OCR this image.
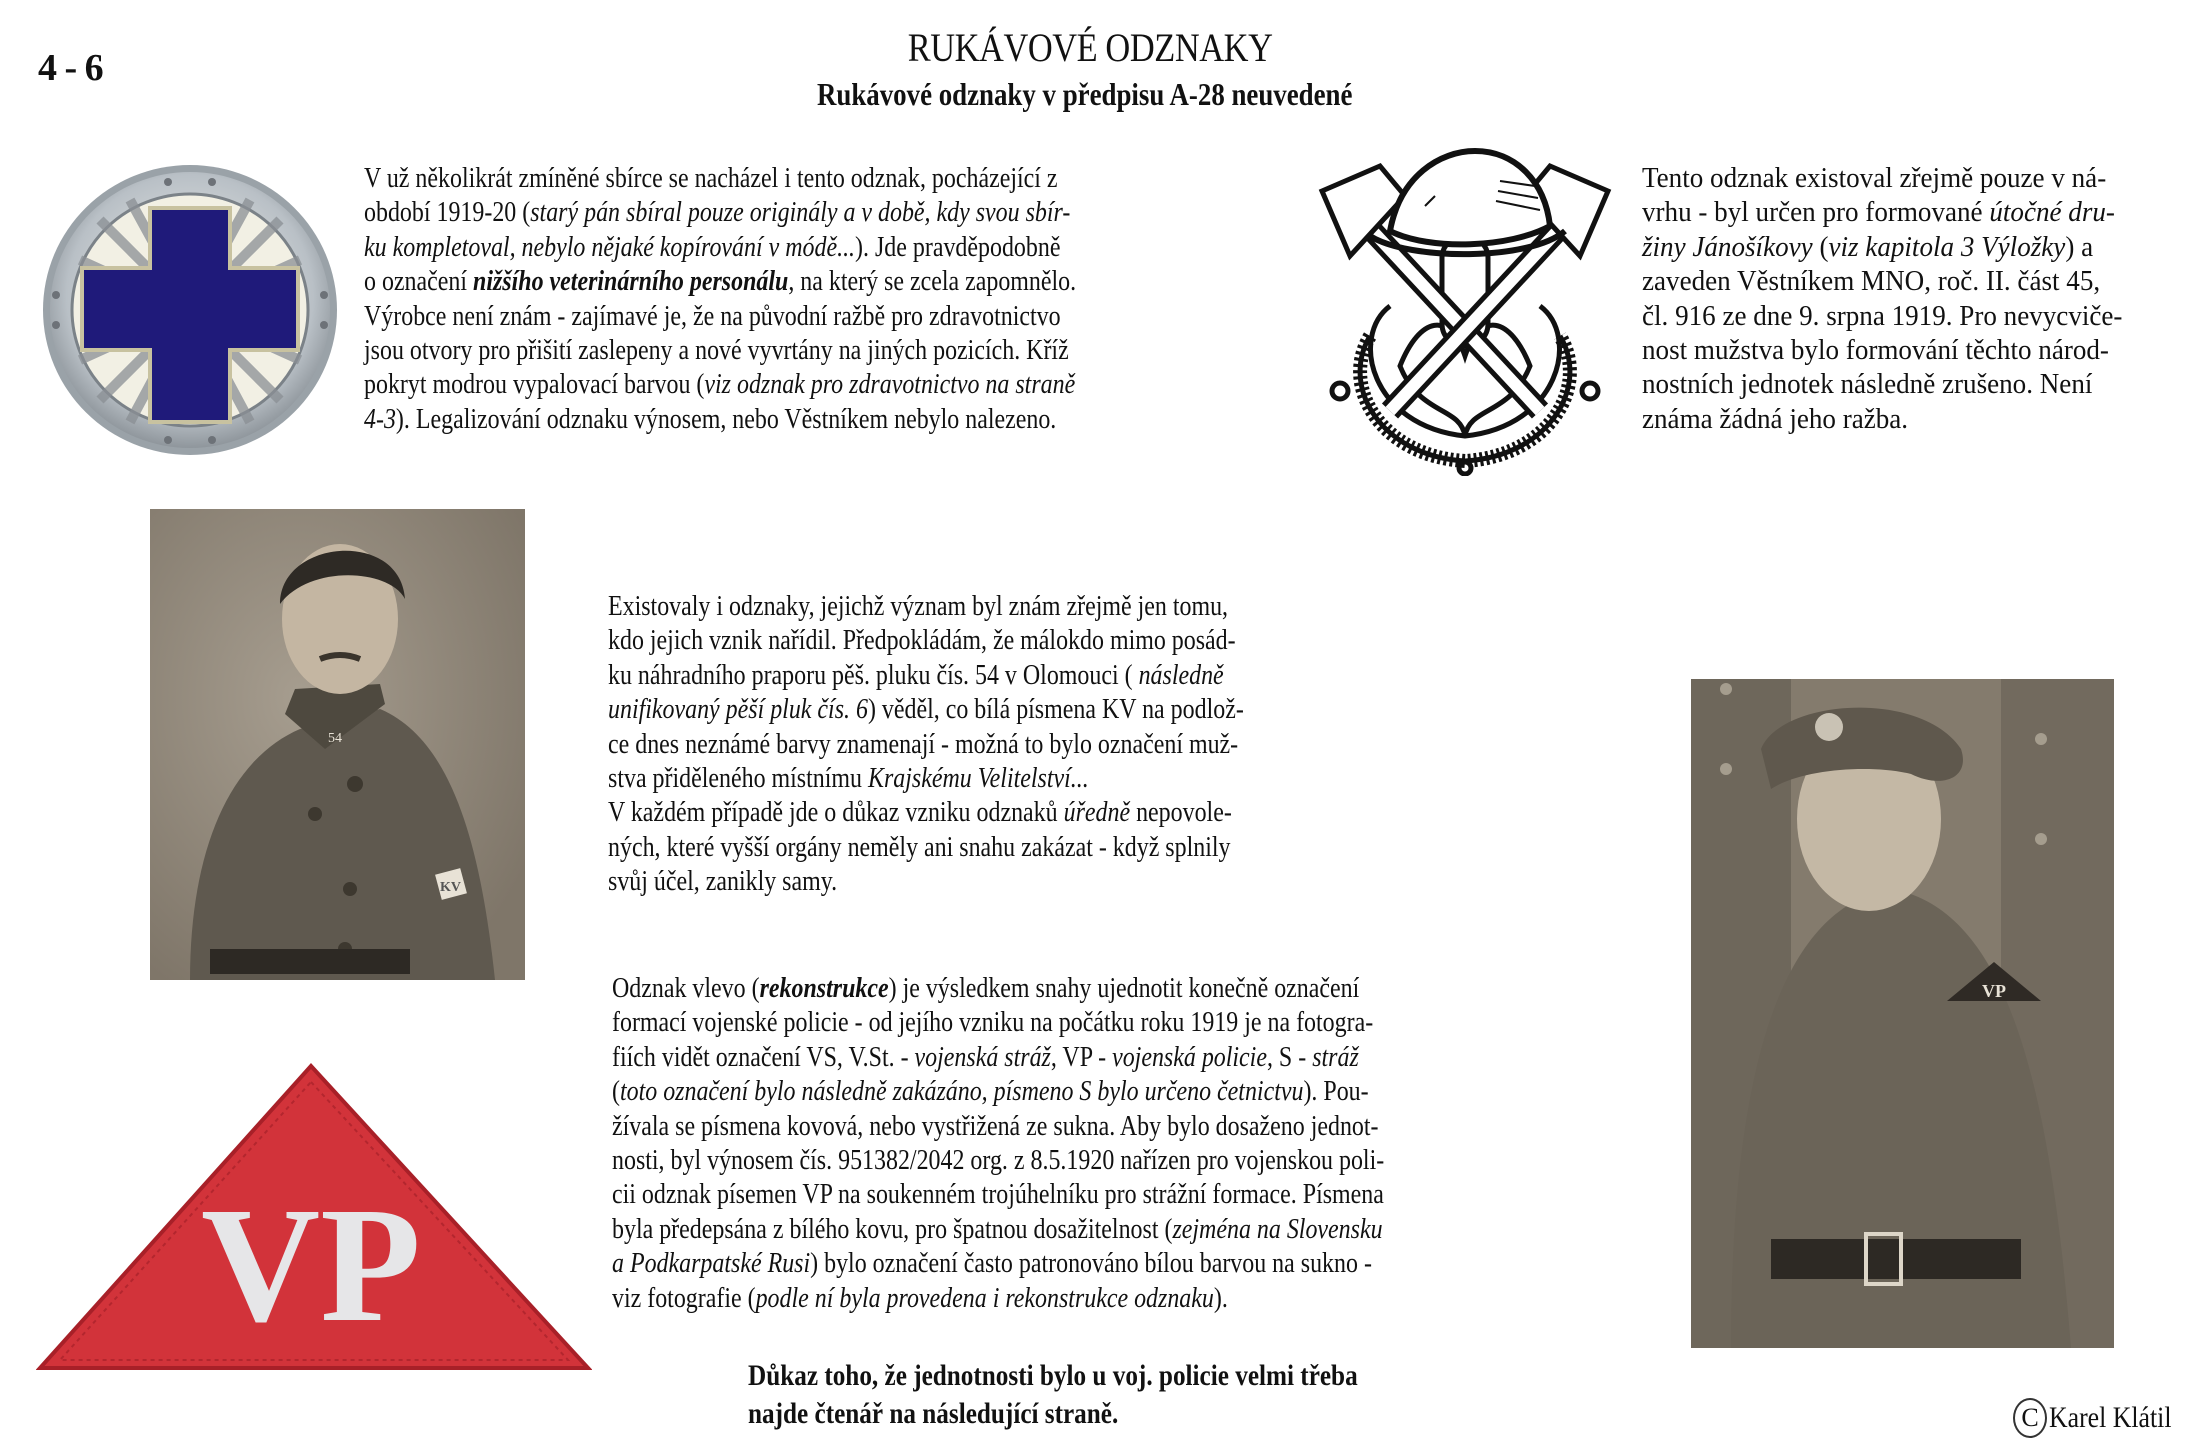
4 - 6	RUKÁVOVÉ ODZNAKY
Rukávové odznaky v předpisu A-28 neuvedené
V už několikrát zmíněné sbírce se nacházel i tento odznak, pocházející z
období 1919-20 (starý pán sbíral pouze originály a v době, kdy svou sbír-
ku kompletoval, nebylo nějaké kopírování v módě...). Jde pravděpodobně
o označení nižšího veterinárního personálu, na který se zcela zapomnělo.
Výrobce není znám - zajímavé je, že na původní ražbě pro zdravotnictvo
jsou otvory pro přišití zaslepeny a nové vyvrtány na jiných pozicích. Kříž
pokryt modrou vypalovací barvou (viz odznak pro zdravotnictvo na straně
4-3). Legalizování odznaku výnosem, nebo Věstníkem nebylo nalezeno.
Tento odznak existoval zřejmě pouze v ná-
vrhu - byl určen pro formované útočné dru-
žiny Jánošíkovy (viz kapitola 3 Výložky) a
zaveden Věstníkem MNO, roč. II. část 45,
čl. 916 ze dne 9. srpna 1919. Pro nevycviče-
nost mužstva bylo formování těchto národ-
nostních jednotek následně zrušeno. Není
známa žádná jeho ražba.
54
KV
Existovaly i odznaky, jejichž význam byl znám zřejmě jen tomu,
kdo jejich vznik nařídil. Předpokládám, že málokdo mimo posád-
ku náhradního praporu pěš. pluku čís. 54 v Olomouci ( následně
unifikovaný pěší pluk čís. 6) věděl, co bílá písmena KV na podlož-
ce dnes neznámé barvy znamenají - možná to bylo označení muž-
stva přiděleného místnímu Krajskému Velitelství...
V každém případě jde o důkaz vzniku odznaků úředně nepovole-
ných, které vyšší orgány neměly ani snahu zakázat - když splnily
svůj účel, zanikly samy.
VP
Odznak vlevo (rekonstrukce) je výsledkem snahy ujednotit konečně označení
formací vojenské policie - od jejího vzniku na počátku roku 1919 je na fotogra-
fiích vidět označení VS, V.St. - vojenská stráž, VP - vojenská policie, S - stráž
(toto označení bylo následně zakázáno, písmeno S bylo určeno četnictvu). Pou-
žívala se písmena kovová, nebo vystřižená ze sukna. Aby bylo dosaženo jednot-
nosti, byl výnosem čís. 951382/2042 org. z 8.5.1920 nařízen pro vojenskou poli-
cii odznak písemen VP na soukenném trojúhelníku pro strážní formace. Písmena
byla předepsána z bílého kovu, pro špatnou dosažitelnost (zejména na Slovensku
a Podkarpatské Rusi) bylo označení často patronováno bílou barvou na sukno -
viz fotografie (podle ní byla provedena i rekonstrukce odznaku).
VP
Důkaz toho, že jednotnosti bylo u voj. policie velmi třeba
najde čtenář na následující straně.	C Karel Klátil
